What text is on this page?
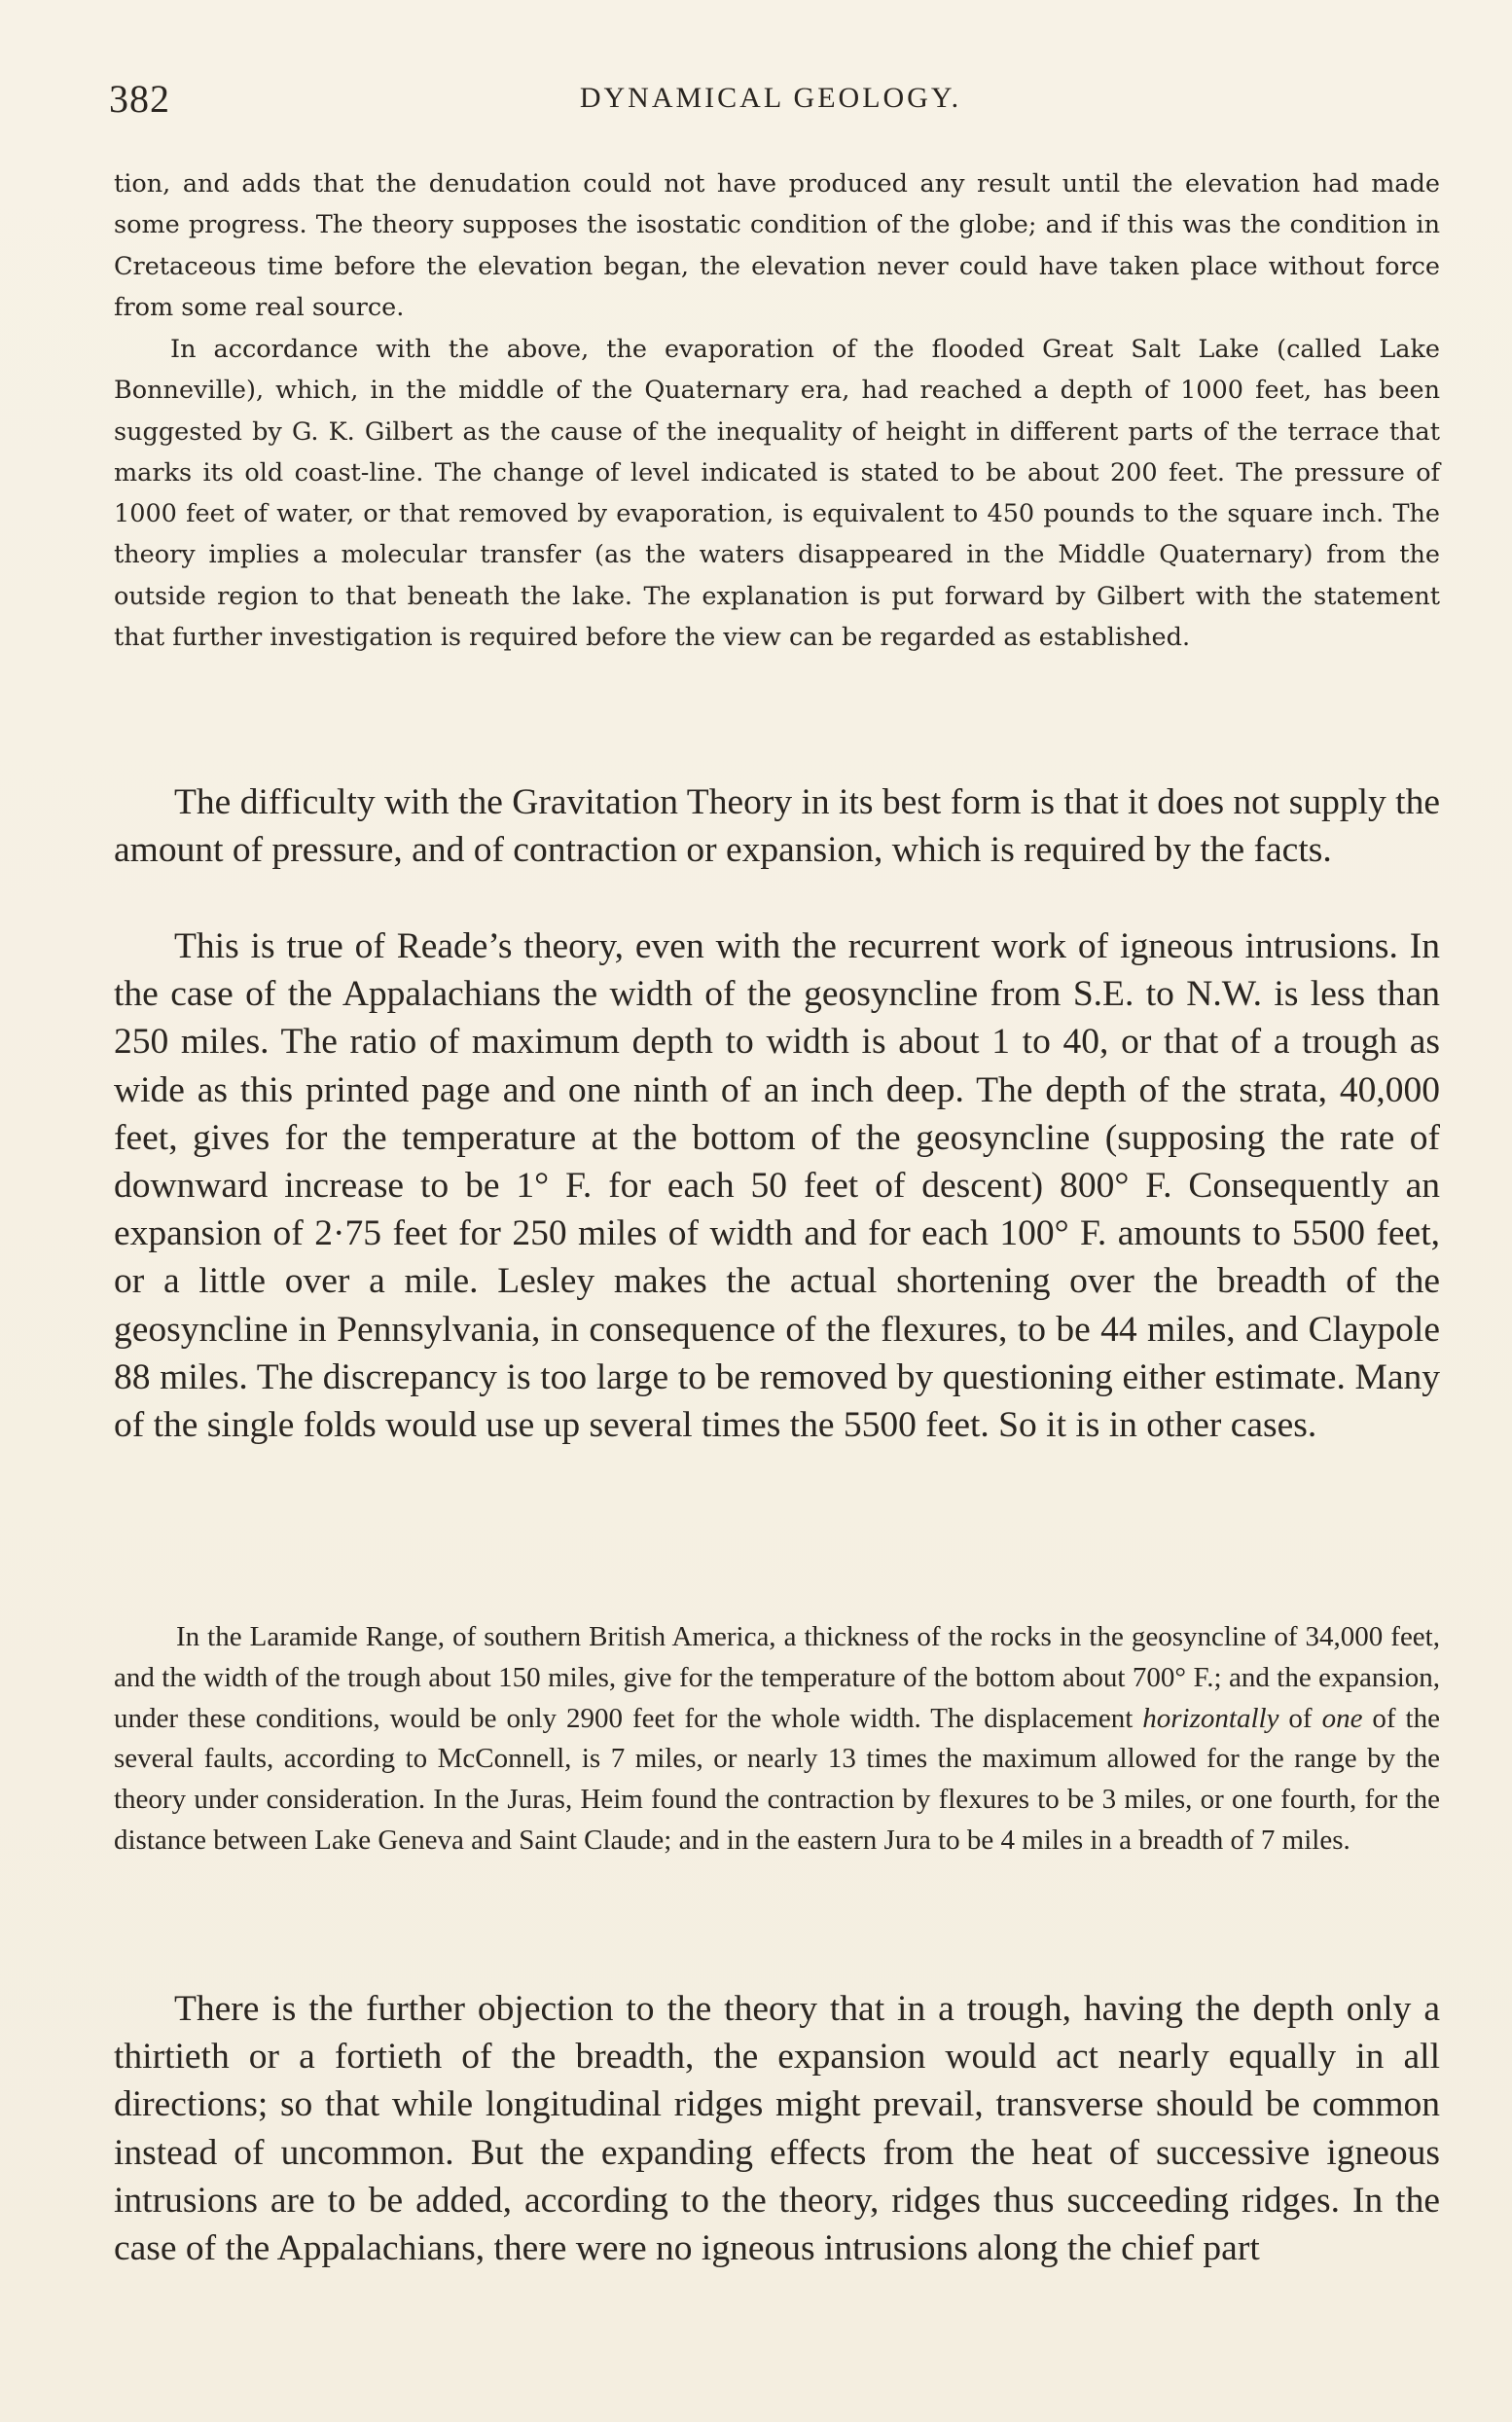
382	DYNAMICAL GEOLOGY.

tion, and adds that the denudation could not have produced any result until the elevation had made some progress. The theory supposes the isostatic condition of the globe; and if this was the condition in Cretaceous time before the elevation began, the elevation never could have taken place without force from some real source.

In accordance with the above, the evaporation of the flooded Great Salt Lake (called Lake Bonneville), which, in the middle of the Quaternary era, had reached a depth of 1000 feet, has been suggested by G. K. Gilbert as the cause of the inequality of height in different parts of the terrace that marks its old coast-line. The change of level indicated is stated to be about 200 feet. The pressure of 1000 feet of water, or that removed by evaporation, is equivalent to 450 pounds to the square inch. The theory implies a molecular transfer (as the waters disappeared in the Middle Quaternary) from the outside region to that beneath the lake. The explanation is put forward by Gilbert with the statement that further investigation is required before the view can be regarded as established.

The difficulty with the Gravitation Theory in its best form is that it does not supply the amount of pressure, and of contraction or expansion, which is required by the facts.

This is true of Reade’s theory, even with the recurrent work of igneous intrusions. In the case of the Appalachians the width of the geosyncline from S.E. to N.W. is less than 250 miles. The ratio of maximum depth to width is about 1 to 40, or that of a trough as wide as this printed page and one ninth of an inch deep. The depth of the strata, 40,000 feet, gives for the temperature at the bottom of the geosyncline (supposing the rate of downward increase to be 1° F. for each 50 feet of descent) 800° F. Consequently an expansion of 2·75 feet for 250 miles of width and for each 100° F. amounts to 5500 feet, or a little over a mile. Lesley makes the actual shortening over the breadth of the geosyncline in Pennsylvania, in consequence of the flexures, to be 44 miles, and Claypole 88 miles. The discrepancy is too large to be removed by questioning either estimate. Many of the single folds would use up several times the 5500 feet. So it is in other cases.

In the Laramide Range, of southern British America, a thickness of the rocks in the geosyncline of 34,000 feet, and the width of the trough about 150 miles, give for the temperature of the bottom about 700° F.; and the expansion, under these conditions, would be only 2900 feet for the whole width. The displacement horizontally of one of the several faults, according to McConnell, is 7 miles, or nearly 13 times the maximum allowed for the range by the theory under consideration. In the Juras, Heim found the contraction by flexures to be 3 miles, or one fourth, for the distance between Lake Geneva and Saint Claude; and in the eastern Jura to be 4 miles in a breadth of 7 miles.

There is the further objection to the theory that in a trough, having the depth only a thirtieth or a fortieth of the breadth, the expansion would act nearly equally in all directions; so that while longitudinal ridges might prevail, transverse should be common instead of uncommon. But the expanding effects from the heat of successive igneous intrusions are to be added, according to the theory, ridges thus succeeding ridges. In the case of the Appalachians, there were no igneous intrusions along the chief part
